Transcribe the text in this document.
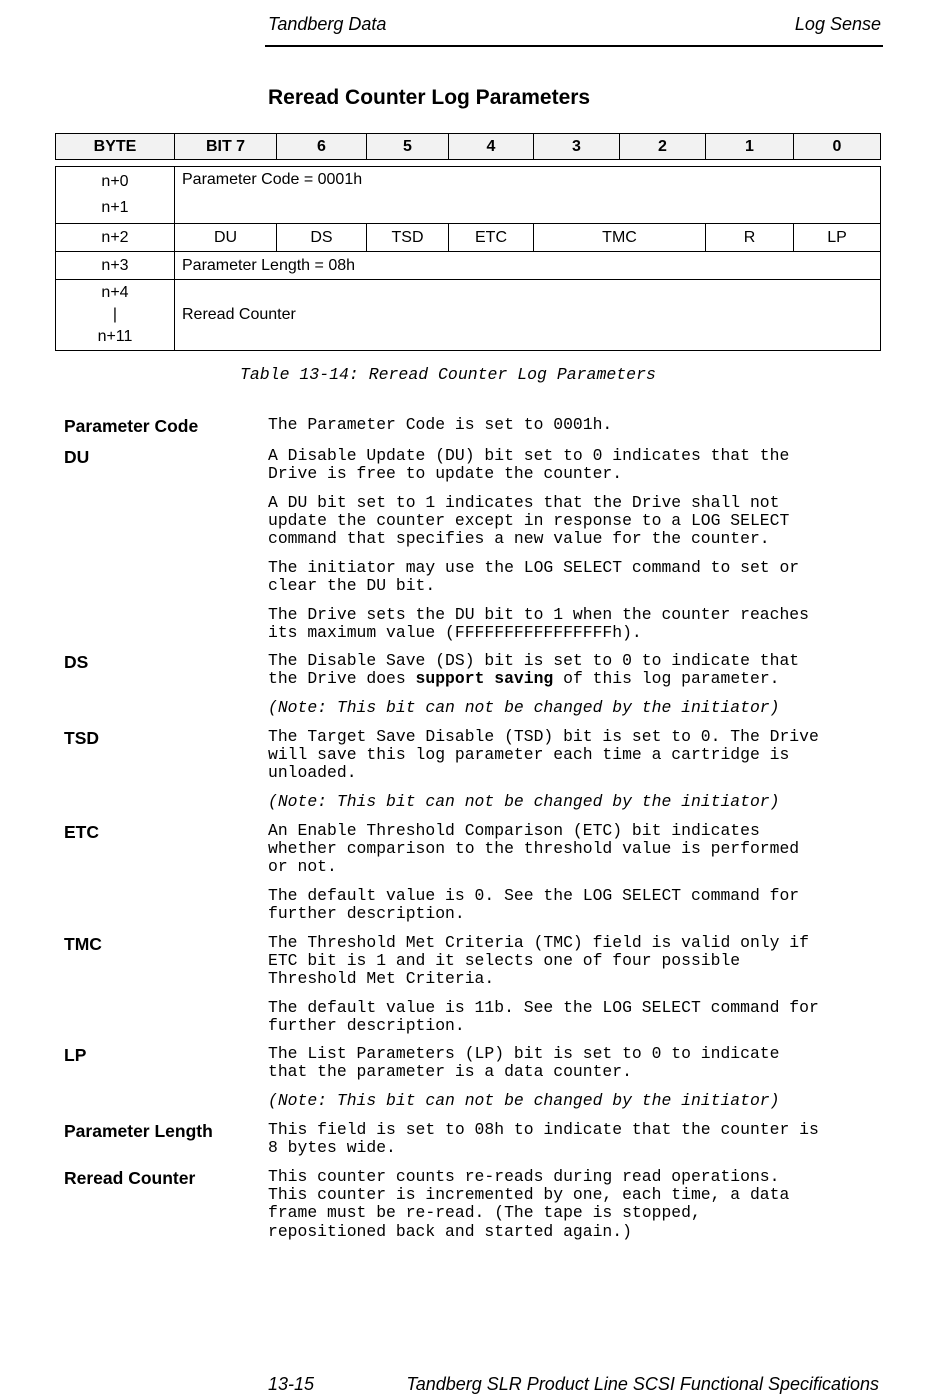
Tandberg Data	Log Sense
Reread Counter Log Parameters
BYTE	BIT 7	6	5	4	3	2	1	0
n+0
n+1	Parameter Code = 0001h						
n+2	DU	DS	TSD	ETC	TMC	R	LP
n+3	Parameter Length = 08h						

n+4
|
n+11	Reread Counter						
Table 13-14: Reread Counter Log Parameters
Parameter Code	The Parameter Code is set to 0001h.
DU	A Disable Update (DU) bit set to 0 indicates that the
Drive is free to update the counter.
A DU bit set to 1 indicates that the Drive shall not
update the counter except in response to a LOG SELECT
command that specifies a new value for the counter.
The initiator may use the LOG SELECT command to set or
clear the DU bit.
The Drive sets the DU bit to 1 when the counter reaches
its maximum value (FFFFFFFFFFFFFFFFh).
DS	The Disable Save (DS) bit is set to 0 to indicate that
the Drive does support saving of this log parameter.
(Note: This bit can not be changed by the initiator)
TSD	The Target Save Disable (TSD) bit is set to 0. The Drive
will save this log parameter each time a cartridge is
unloaded.
(Note: This bit can not be changed by the initiator)
ETC	An Enable Threshold Comparison (ETC) bit indicates
whether comparison to the threshold value is performed
or not.
The default value is 0. See the LOG SELECT command for
further description.
TMC	The Threshold Met Criteria (TMC) field is valid only if
ETC bit is 1 and it selects one of four possible
Threshold Met Criteria.
The default value is 11b. See the LOG SELECT command for
further description.
LP	The List Parameters (LP) bit is set to 0 to indicate
that the parameter is a data counter.
(Note: This bit can not be changed by the initiator)
Parameter Length	This field is set to 08h to indicate that the counter is
8 bytes wide.
Reread Counter	This counter counts re-reads during read operations.
This counter is incremented by one, each time, a data
frame must be re-read. (The tape is stopped,
repositioned back and started again.)
13-15	Tandberg SLR Product Line SCSI Functional Specifications
